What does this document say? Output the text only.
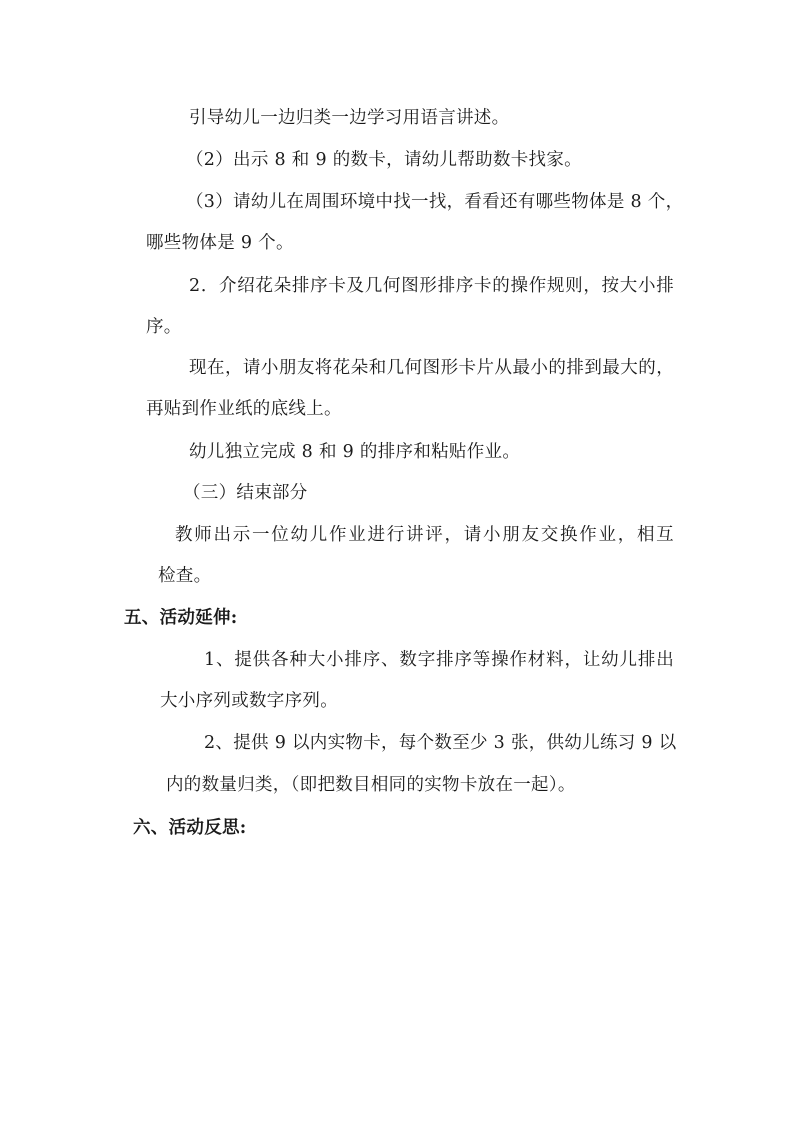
引导幼儿一边归类一边学习用语言讲述。
（2）出示 8 和 9 的数卡，请幼儿帮助数卡找家。
（3）请幼儿在周围环境中找一找，看看还有哪些物体是 8 个，
哪些物体是 9 个。
2．介绍花朵排序卡及几何图形排序卡的操作规则，按大小排
序。
现在，请小朋友将花朵和几何图形卡片从最小的排到最大的，
再贴到作业纸的底线上。
幼儿独立完成 8 和 9 的排序和粘贴作业。
（三）结束部分
教师出示一位幼儿作业进行讲评，请小朋友交换作业，相互
检查。
五、活动延伸:
1、提供各种大小排序、数字排序等操作材料，让幼儿排出
大小序列或数字序列。
2、提供 9 以内实物卡，每个数至少 3 张，供幼儿练习 9 以
内的数量归类，（即把数目相同的实物卡放在一起）。
六、活动反思:
